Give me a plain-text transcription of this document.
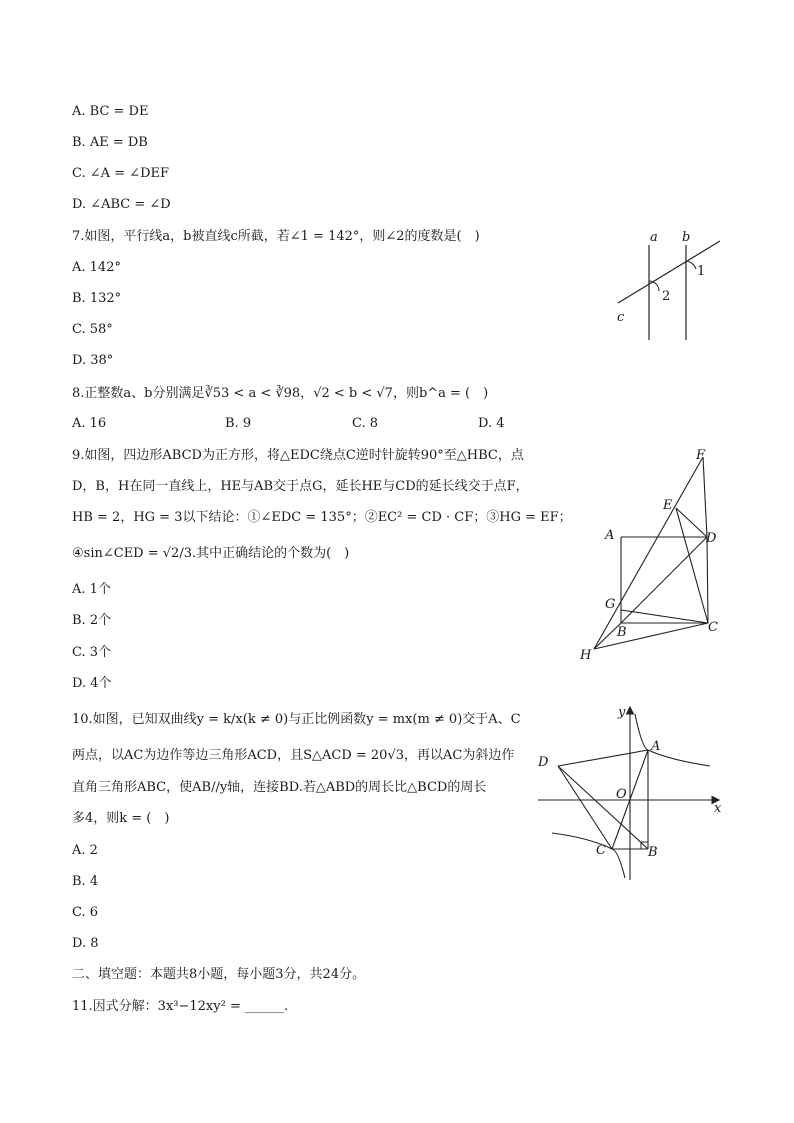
A. BC = DE
B. AE = DB
C. ∠A = ∠DEF
D. ∠ABC = ∠D
7.如图，平行线a，b被直线c所截，若∠1 = 142°，则∠2的度数是(　)
A. 142°
B. 132°
C. 58°
D. 38°
a b
c
1
2
8.正整数a、b分别满足∛53 < a < ∛98，√2 < b < √7，则b^a = (　)
A. 16	B. 9	C. 8	D. 4
9.如图，四边形ABCD为正方形，将△EDC绕点C逆时针旋转90°至△HBC，点
D，B，H在同一直线上，HE与AB交于点G，延长HE与CD的延长线交于点F，
HB = 2，HG = 3以下结论：①∠EDC = 135°；②EC² = CD · CF；③HG = EF；
④sin∠CED = √2/3.其中正确结论的个数为(　)
A. 1个
B. 2个
C. 3个
D. 4个
F
E
A	D
G
B	C
H
10.如图，已知双曲线y = k/x(k ≠ 0)与正比例函数y = mx(m ≠ 0)交于A、C
两点，以AC为边作等边三角形ACD，且S△ACD = 20√3，再以AC为斜边作
直角三角形ABC，使AB//y轴，连接BD.若△ABD的周长比△BCD的周长
多4，则k = (　)
A. 2
B. 4
C. 6
D. 8
y
x
O
A
B
C
D
二、填空题：本题共8小题，每小题3分，共24分。
11.因式分解：3x³−12xy² = ______.
